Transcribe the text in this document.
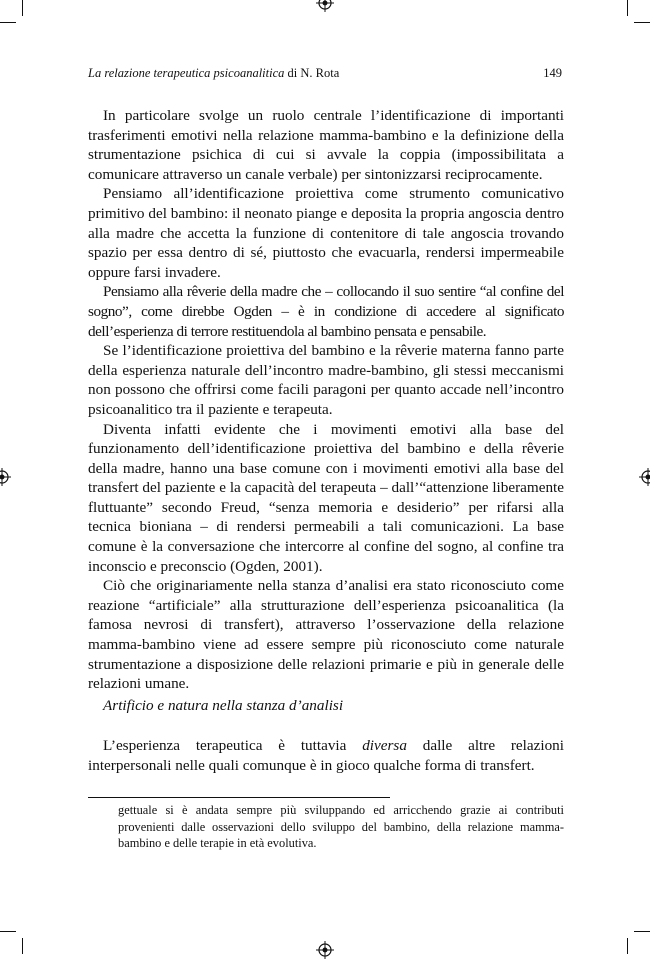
La relazione terapeutica psicoanalitica di N. Rota	149

In particolare svolge un ruolo centrale l’identificazione di importanti trasferimenti emotivi nella relazione mamma-bambino e la definizione della strumentazione psichica di cui si avvale la coppia (impossibilitata a comunicare attraverso un canale verbale) per sintonizzarsi reciprocamente.

Pensiamo all’identificazione proiettiva come strumento comunicativo primitivo del bambino: il neonato piange e deposita la propria angoscia dentro alla madre che accetta la funzione di contenitore di tale angoscia trovando spazio per essa dentro di sé, piuttosto che evacuarla, rendersi impermeabile oppure farsi invadere.

Pensiamo alla rêverie della madre che – collocando il suo sentire “al confine del sogno”, come direbbe Ogden – è in condizione di accedere al significato dell’esperienza di terrore restituendola al bambino pensata e pensabile.

Se l’identificazione proiettiva del bambino e la rêverie materna fanno parte della esperienza naturale dell’incontro madre-bambino, gli stessi meccanismi non possono che offrirsi come facili paragoni per quanto accade nell’incontro psicoanalitico tra il paziente e terapeuta.

Diventa infatti evidente che i movimenti emotivi alla base del funzionamento dell’identificazione proiettiva del bambino e della rêverie della madre, hanno una base comune con i movimenti emotivi alla base del transfert del paziente e la capacità del terapeuta – dall’“attenzione liberamente fluttuante” secondo Freud, “senza memoria e desiderio” per rifarsi alla tecnica bioniana – di rendersi permeabili a tali comunicazioni. La base comune è la conversazione che intercorre al confine del sogno, al confine tra inconscio e preconscio (Ogden, 2001).

Ciò che originariamente nella stanza d’analisi era stato riconosciuto come reazione “artificiale” alla strutturazione dell’esperienza psicoanalitica (la famosa nevrosi di transfert), attraverso l’osservazione della relazione mamma-bambino viene ad essere sempre più riconosciuto come naturale strumentazione a disposizione delle relazioni primarie e più in generale delle relazioni umane.

Artificio e natura nella stanza d’analisi

L’esperienza terapeutica è tuttavia diversa dalle altre relazioni interpersonali nelle quali comunque è in gioco qualche forma di transfert.

gettuale si è andata sempre più sviluppando ed arricchendo grazie ai contributi provenienti dalle osservazioni dello sviluppo del bambino, della relazione mamma-bambino e delle terapie in età evolutiva.
